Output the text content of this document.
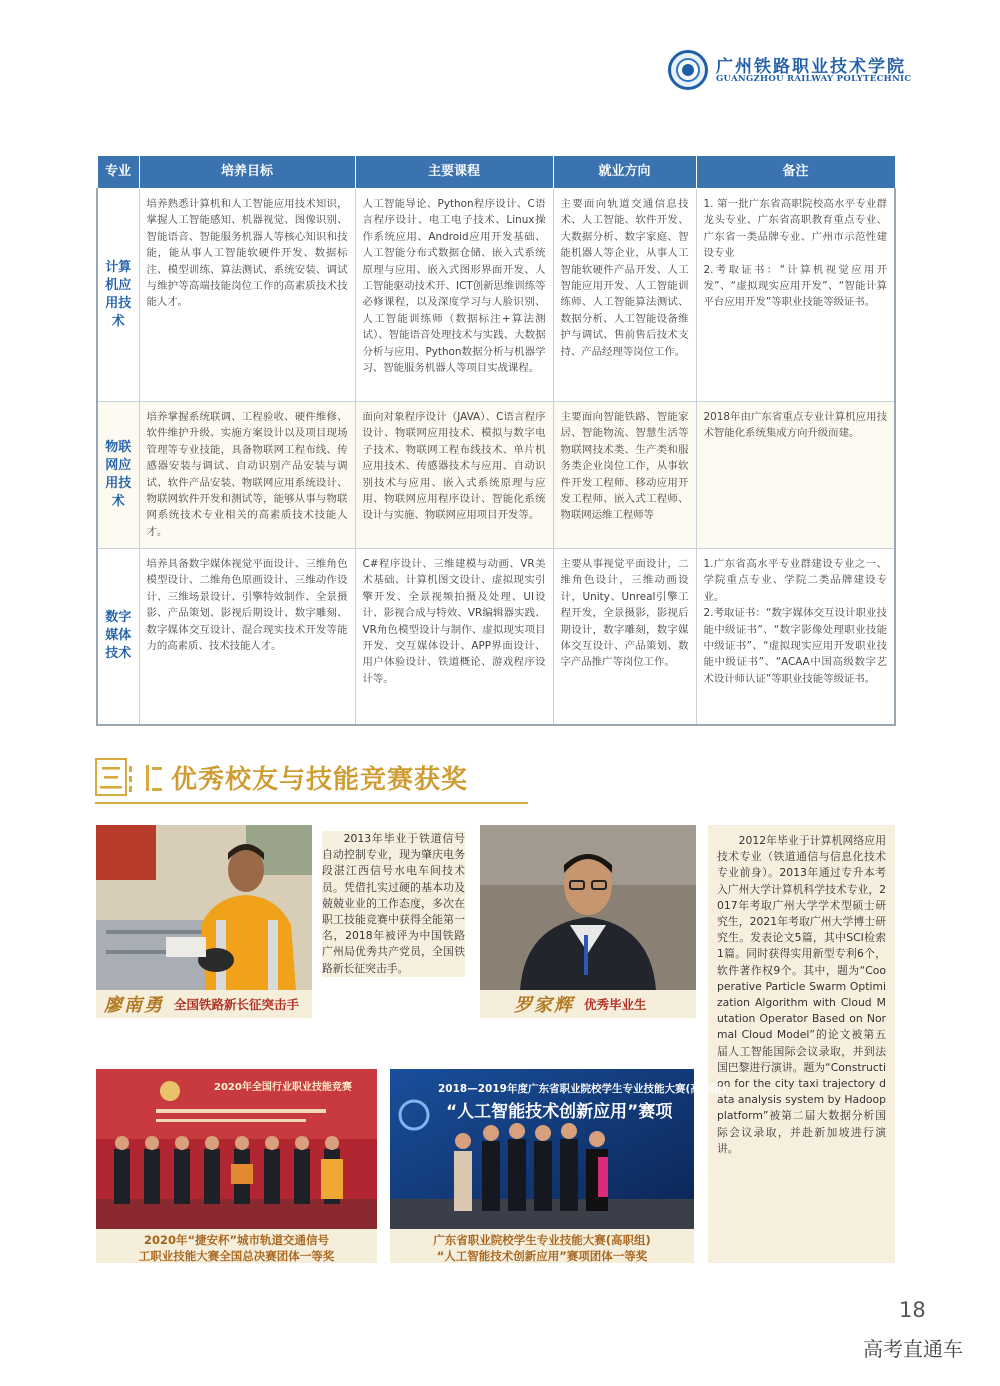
广州铁路职业技术学院
GUANGZHOU RAILWAY POLYTECHNIC
专业	培养目标	主要课程	就业方向	备注
计算机应用技术	培养熟悉计算机和人工智能应用技术知识，掌握人工智能感知、机器视觉、图像识别、智能语音、智能服务机器人等核心知识和技能，能从事人工智能软硬件开发、数据标注、模型训练、算法测试、系统安装、调试与维护等高端技能岗位工作的高素质技术技能人才。	人工智能导论、Python程序设计、C语言程序设计、电工电子技术、Linux操作系统应用、Android应用开发基础、人工智能分布式数据仓储、嵌入式系统原理与应用、嵌入式图形界面开发、人工智能驱动技术开、ICT创新思维训练等必修课程，以及深度学习与人脸识别、人工智能训练师（数据标注+算法测试）、智能语音处理技术与实践、大数据分析与应用、Python数据分析与机器学习、智能服务机器人等项目实战课程。	主要面向轨道交通信息技术、人工智能、软件开发、大数据分析、数字家庭、智能机器人等企业，从事人工智能软硬件产品开发、人工智能应用开发、人工智能训练师、人工智能算法测试、数据分析、人工智能设备维护与调试、售前售后技术支持、产品经理等岗位工作。	1. 第一批广东省高职院校高水平专业群龙头专业、广东省高职教育重点专业、广东省一类品牌专业、广州市示范性建设专业
2.考取证书：“计算机视觉应用开发”、“虚拟现实应用开发”、“智能计算平台应用开发”等职业技能等级证书。
物联网应用技术	培养掌握系统联调、工程验收、硬件维修、软件维护升级、实施方案设计以及项目现场管理等专业技能，具备物联网工程布线、传感器安装与调试、自动识别产品安装与调试、软件产品安装、物联网应用系统设计、物联网软件开发和测试等，能够从事与物联网系统技术专业相关的高素质技术技能人才。	面向对象程序设计（JAVA）、C语言程序设计、物联网应用技术、模拟与数字电子技术、物联网工程布线技术、单片机应用技术、传感器技术与应用、自动识别技术与应用、嵌入式系统原理与应用、物联网应用程序设计、智能化系统设计与实施、物联网应用项目开发等。	主要面向智能铁路、智能家居、智能物流、智慧生活等物联网技术类、生产类和服务类企业岗位工作，从事软件开发工程师、移动应用开发工程师、嵌入式工程师、物联网运维工程师等	2018年由广东省重点专业计算机应用技术智能化系统集成方向升级而建。
数字媒体技术	培养具备数字媒体视觉平面设计、三维角色模型设计、二维角色原画设计、三维动作设计、三维场景设计、引擎特效制作、全景摄影、产品策划、影视后期设计、数字雕刻、数字媒体交互设计、混合现实技术开发等能力的高素质、技术技能人才。	C#程序设计、三维建模与动画、VR美术基础、计算机图文设计、虚拟现实引擎开发、全景视频拍摄及处理、UI设计、影视合成与特效、VR编辑器实践、VR角色模型设计与制作、虚拟现实项目开发、交互媒体设计、APP界面设计、用户体验设计、铁道概论、游戏程序设计等。	主要从事视觉平面设计，二维角色设计，三维动画设计，Unity、Unreal引擎工程开发，全景摄影，影视后期设计，数字雕刻，数字媒体交互设计、产品策划、数字产品推广等岗位工作。	1.广东省高水平专业群建设专业之一、学院重点专业、学院二类品牌建设专业。
2.考取证书：“数字媒体交互设计职业技能中级证书”、“数字影像处理职业技能中级证书”、“虚拟现实应用开发职业技能中级证书”、“ACAA中国高级数字艺术设计师认证”等职业技能等级证书。
优秀校友与技能竞赛获奖
廖南勇 全国铁路新长征突击手
2013年毕业于铁道信号自动控制专业，现为肇庆电务段湛江西信号水电车间技术员。凭借扎实过硬的基本功及兢兢业业的工作态度，多次在职工技能竞赛中获得全能第一名，2018年被评为中国铁路广州局优秀共产党员，全国铁路新长征突击手。
罗家辉 优秀毕业生
2012年毕业于计算机网络应用技术专业（铁道通信与信息化技术专业前身）。2013年通过专升本考入广州大学计算机科学技术专业，2017年考取广州大学学术型硕士研究生，2021年考取广州大学博士研究生。发表论文5篇，其中SCI检索1篇。同时获得实用新型专利6个，软件著作权9个。其中，题为“Cooperative Particle Swarm Optimization Algorithm with Cloud Mutation Operator Based on Normal Cloud Model”的论文被第五届人工智能国际会议录取，并到法国巴黎进行演讲。题为“Construction for the city taxi trajectory data analysis system by Hadoop platform”被第二届大数据分析国际会议录取，并赴新加坡进行演讲。
2020年全国行业职业技能竞赛
2020年“捷安杯”城市轨道交通信号
工职业技能大赛全国总决赛团体一等奖
2018—2019年度广东省职业院校学生专业技能大赛(高职组)
“人工智能技术创新应用”赛项
广东省职业院校学生专业技能大赛(高职组)
“人工智能技术创新应用”赛项团体一等奖
18
高考直通车
